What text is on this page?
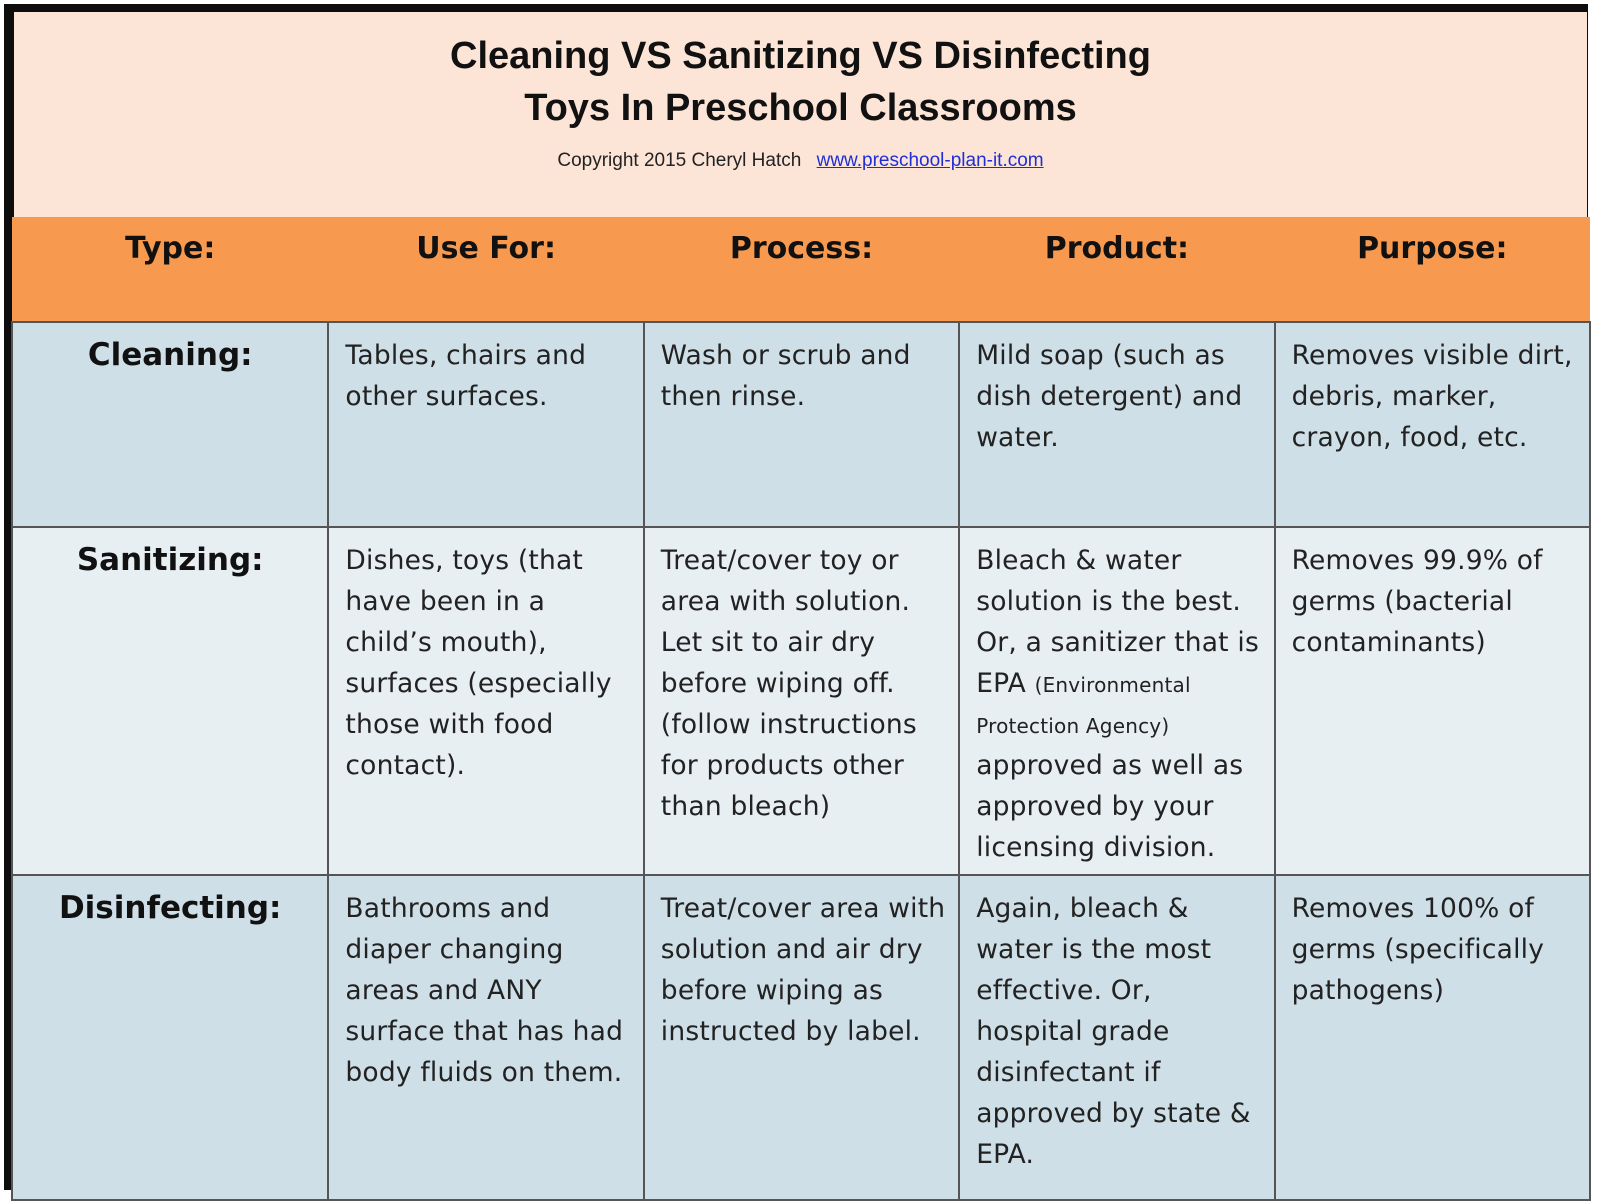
Cleaning VS Sanitizing VS Disinfecting
Toys In Preschool Classrooms
Copyright 2015 Cheryl Hatch www.preschool-plan-it.com
Type:	Use For:	Process:	Product:	Purpose:
Cleaning:	Tables, chairs and other surfaces.	Wash or scrub and then rinse.	Mild soap (such as dish detergent) and water.	Removes visible dirt, debris, marker, crayon, food, etc.
Sanitizing:	Dishes, toys (that have been in a child’s mouth), surfaces (especially those with food contact).	Treat/cover toy or area with solution. Let sit to air dry before wiping off. (follow instructions for products other than bleach)	Bleach & water solution is the best. Or, a sanitizer that is EPA (Environmental Protection Agency) approved as well as approved by your licensing division.	Removes 99.9% of germs (bacterial contaminants)
Disinfecting:	Bathrooms and diaper changing areas and ANY surface that has had body fluids on them.	Treat/cover area with solution and air dry before wiping as instructed by label.	Again, bleach & water is the most effective. Or, hospital grade disinfectant if approved by state & EPA.	Removes 100% of germs (specifically pathogens)
